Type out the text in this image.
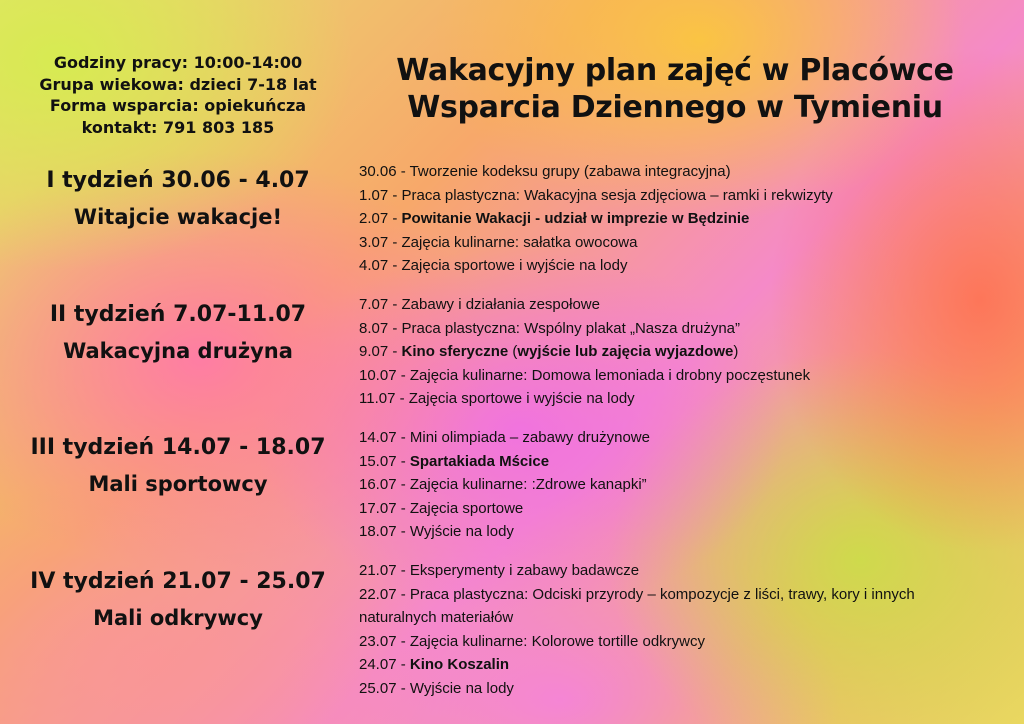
Godziny pracy: 10:00-14:00
Grupa wiekowa: dzieci 7-18 lat
Forma wsparcia: opiekuńcza
kontakt: 791 803 185
Wakacyjny plan zajęć w Placówce
Wsparcia Dziennego w Tymieniu
I tydzień 30.06 - 4.07
Witajcie wakacje!
30.06 - Tworzenie kodeksu grupy (zabawa integracyjna)
1.07 - Praca plastyczna: Wakacyjna sesja zdjęciowa – ramki i rekwizyty
2.07 - Powitanie Wakacji - udział w imprezie w Będzinie
3.07 - Zajęcia kulinarne: sałatka owocowa
4.07 - Zajęcia sportowe i wyjście na lody
II tydzień 7.07-11.07
Wakacyjna drużyna
7.07 - Zabawy i działania zespołowe
8.07 - Praca plastyczna: Wspólny plakat „Nasza drużyna”
9.07 - Kino sferyczne (wyjście lub zajęcia wyjazdowe)
10.07 - Zajęcia kulinarne: Domowa lemoniada i drobny poczęstunek
11.07 - Zajęcia sportowe i wyjście na lody
III tydzień 14.07 - 18.07
Mali sportowcy
14.07 - Mini olimpiada – zabawy drużynowe
15.07 - Spartakiada Mścice
16.07 - Zajęcia kulinarne: :Zdrowe kanapki”
17.07 - Zajęcia sportowe
18.07 - Wyjście na lody
IV tydzień 21.07 - 25.07
Mali odkrywcy
21.07 - Eksperymenty i zabawy badawcze
22.07 - Praca plastyczna: Odciski przyrody – kompozycje z liści, trawy, kory i innych naturalnych materiałów
23.07 - Zajęcia kulinarne: Kolorowe tortille odkrywcy
24.07 - Kino Koszalin
25.07 - Wyjście na lody
